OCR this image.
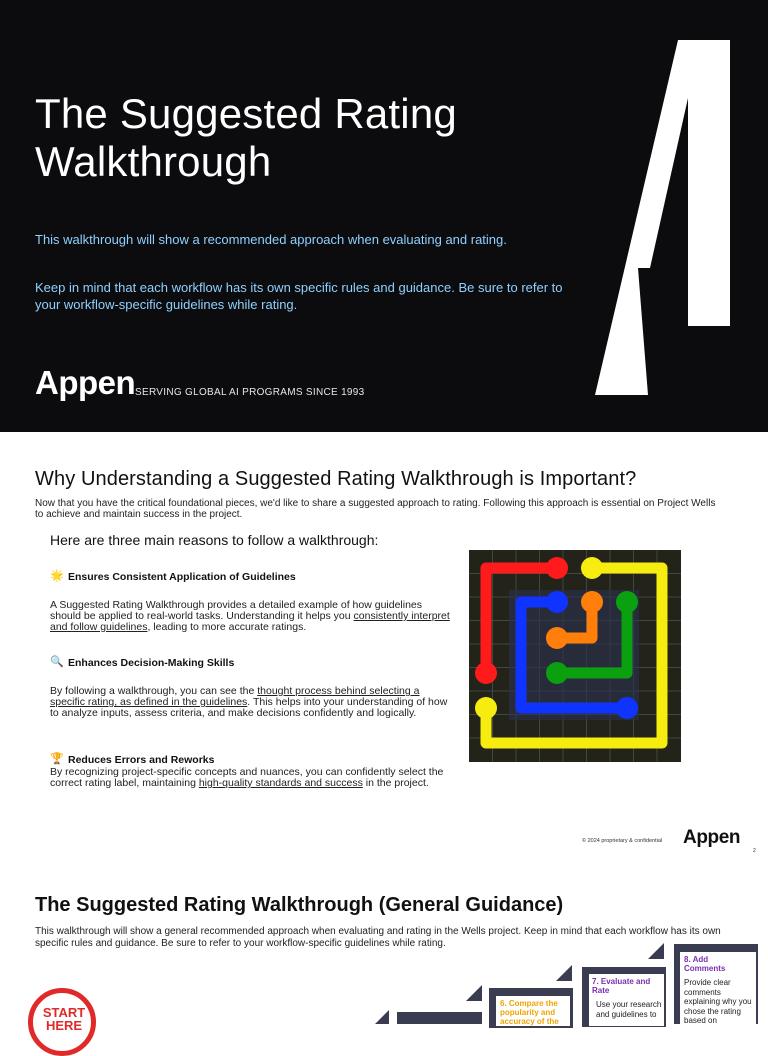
The Suggested Rating Walkthrough

This walkthrough will show a recommended approach when evaluating and rating.

Keep in mind that each workflow has its own specific rules and guidance. Be sure to refer to your workflow-specific guidelines while rating.

Appen SERVING GLOBAL AI PROGRAMS SINCE 1993
Why Understanding a Suggested Rating Walkthrough is Important?

Now that you have the critical foundational pieces, we'd like to share a suggested approach to rating. Following this approach is essential on Project Wells to achieve and maintain success in the project.

Here are three main reasons to follow a walkthrough:

🌟 Ensures Consistent Application of Guidelines

A Suggested Rating Walkthrough provides a detailed example of how guidelines should be applied to real-world tasks. Understanding it helps you consistently interpret and follow guidelines, leading to more accurate ratings.

🔍 Enhances Decision-Making Skills

By following a walkthrough, you can see the thought process behind selecting a specific rating, as defined in the guidelines. This helps into your understanding of how to analyze inputs, assess criteria, and make decisions confidently and logically.

🏆 Reduces Errors and Reworks

By recognizing project-specific concepts and nuances, you can confidently select the correct rating label, maintaining high-quality standards and success in the project.

© 2024 proprietary & confidential Appen
2
The Suggested Rating Walkthrough (General Guidance)

This walkthrough will show a general recommended approach when evaluating and rating in the Wells project. Keep in mind that each workflow has its own specific rules and guidance. Be sure to refer to your workflow-specific guidelines while rating.

START HERE
6. Compare the popularity and accuracy of the
7. Evaluate and Rate
Use your research and guidelines to
8. Add Comments
Provide clear comments explaining why you chose the rating based on
